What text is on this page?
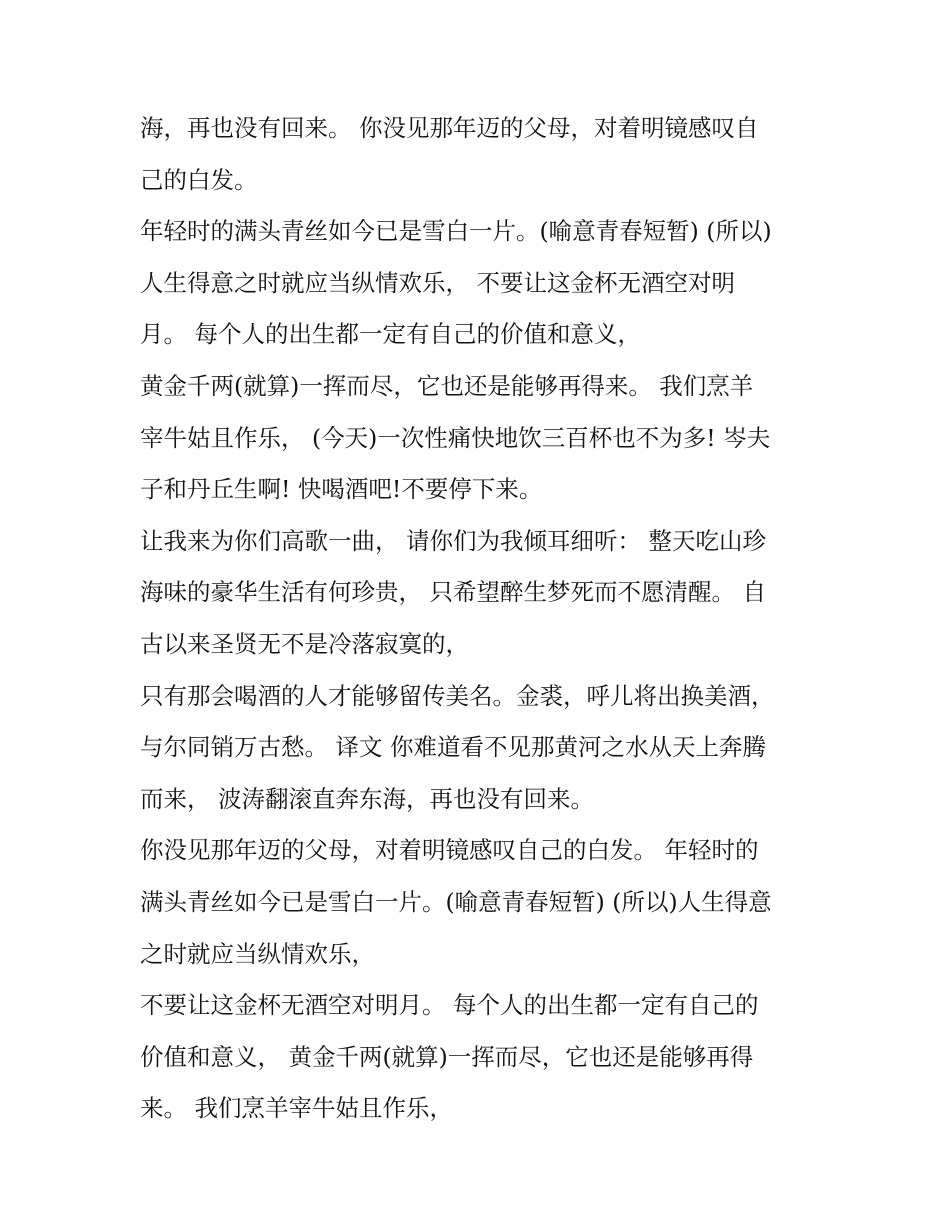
海，再也没有回来。 你没见那年迈的父母，对着明镜感叹自
己的白发。
年轻时的满头青丝如今已是雪白一片。(喻意青春短暂) (所以)
人生得意之时就应当纵情欢乐， 不要让这金杯无酒空对明
月。 每个人的出生都一定有自己的价值和意义，
黄金千两(就算)一挥而尽，它也还是能够再得来。 我们烹羊
宰牛姑且作乐， (今天)一次性痛快地饮三百杯也不为多! 岑夫
子和丹丘生啊! 快喝酒吧!不要停下来。
让我来为你们高歌一曲， 请你们为我倾耳细听： 整天吃山珍
海味的豪华生活有何珍贵， 只希望醉生梦死而不愿清醒。 自
古以来圣贤无不是冷落寂寞的，
只有那会喝酒的人才能够留传美名。金裘，呼儿将出换美酒，
与尔同销万古愁。 译文 你难道看不见那黄河之水从天上奔腾
而来， 波涛翻滚直奔东海，再也没有回来。
你没见那年迈的父母，对着明镜感叹自己的白发。 年轻时的
满头青丝如今已是雪白一片。(喻意青春短暂) (所以)人生得意
之时就应当纵情欢乐，
不要让这金杯无酒空对明月。 每个人的出生都一定有自己的
价值和意义， 黄金千两(就算)一挥而尽，它也还是能够再得
来。 我们烹羊宰牛姑且作乐，
